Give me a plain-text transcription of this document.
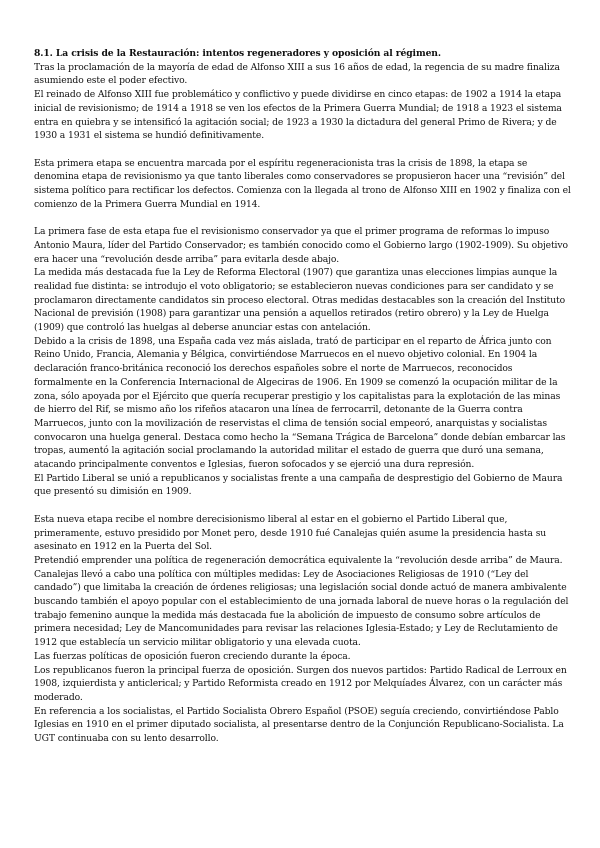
8.1. La crisis de la Restauración: intentos regeneradores y oposición al régimen.

Tras la proclamación de la mayoría de edad de Alfonso XIII a sus 16 años de edad, la regencia de su madre finaliza asumiendo este el poder efectivo.

El reinado de Alfonso XIII fue problemático y conflictivo y puede dividirse en cinco etapas: de 1902 a 1914 la etapa inicial de revisionismo; de 1914 a 1918 se ven los efectos de la Primera Guerra Mundial; de 1918 a 1923 el sistema entra en quiebra y se intensificó la agitación social; de 1923 a 1930 la dictadura del general Primo de Rivera; y de 1930 a 1931 el sistema se hundió definitivamente.

Esta primera etapa se encuentra marcada por el espíritu regeneracionista tras la crisis de 1898, la etapa se denomina etapa de revisionismo ya que tanto liberales como conservadores se propusieron hacer una “revisión” del sistema político para rectificar los defectos. Comienza con la llegada al trono de Alfonso XIII en 1902 y finaliza con el comienzo de la Primera Guerra Mundial en 1914.

La primera fase de esta etapa fue el revisionismo conservador ya que el primer programa de reformas lo impuso Antonio Maura, líder del Partido Conservador; es también conocido como el Gobierno largo (1902-1909). Su objetivo era hacer una “revolución desde arriba” para evitarla desde abajo.

La medida más destacada fue la Ley de Reforma Electoral (1907) que garantiza unas elecciones limpias aunque la realidad fue distinta: se introdujo el voto obligatorio; se establecieron nuevas condiciones para ser candidato y se proclamaron directamente candidatos sin proceso electoral. Otras medidas destacables son la creación del Instituto Nacional de previsión (1908) para garantizar una pensión a aquellos retirados (retiro obrero) y la Ley de Huelga (1909) que controló las huelgas al deberse anunciar estas con antelación.

Debido a la crisis de 1898, una España cada vez más aislada, trató de participar en el reparto de África junto con Reino Unido, Francia, Alemania y Bélgica, convirtiéndose Marruecos en el nuevo objetivo colonial. En 1904 la declaración franco-británica reconoció los derechos españoles sobre el norte de Marruecos, reconocidos formalmente en la Conferencia Internacional de Algeciras de 1906. En 1909 se comenzó la ocupación militar de la zona, sólo apoyada por el Ejército que quería recuperar prestigio y los capitalistas para la explotación de las minas de hierro del Rif, se mismo año los rifeños atacaron una línea de ferrocarril, detonante de la Guerra contra Marruecos, junto con la movilización de reservistas el clima de tensión social empeoró, anarquistas y socialistas convocaron una huelga general. Destaca como hecho la “Semana Trágica de Barcelona” donde debían embarcar las tropas, aumentó la agitación social proclamando la autoridad militar el estado de guerra que duró una semana, atacando principalmente conventos e Iglesias, fueron sofocados y se ejerció una dura represión.

El Partido Liberal se unió a republicanos y socialistas frente a una campaña de desprestigio del Gobierno de Maura que presentó su dimisión en 1909.

Esta nueva etapa recibe el nombre derecisionismo liberal al estar en el gobierno el Partido Liberal que, primeramente, estuvo presidido por Monet pero, desde 1910 fué Canalejas quién asume la presidencia hasta su asesinato en 1912 en la Puerta del Sol.

Pretendió emprender una política de regeneración democrática equivalente la “revolución desde arriba” de Maura. Canalejas llevó a cabo una política con múltiples medidas: Ley de Asociaciones Religiosas de 1910 (“Ley del candado”) que limitaba la creación de órdenes religiosas; una legislación social donde actuó de manera ambivalente buscando también el apoyo popular con el establecimiento de una jornada laboral de nueve horas o la regulación del trabajo femenino aunque la medida más destacada fue la abolición de impuesto de consumo sobre artículos de primera necesidad; Ley de Mancomunidades para revisar las relaciones Iglesia-Estado; y Ley de Reclutamiento de 1912 que establecía un servicio militar obligatorio y una elevada cuota.

Las fuerzas políticas de oposición fueron creciendo durante la época.

Los republicanos fueron la principal fuerza de oposición. Surgen dos nuevos partidos: Partido Radical de Lerroux en 1908, izquierdista y anticlerical; y Partido Reformista creado en 1912 por Melquíades Álvarez, con un carácter más moderado.

En referencia a los socialistas, el Partido Socialista Obrero Español (PSOE) seguía creciendo, convirtiéndose Pablo Iglesias en 1910 en el primer diputado socialista, al presentarse dentro de la Conjunción Republicano-Socialista. La UGT continuaba con su lento desarrollo.
